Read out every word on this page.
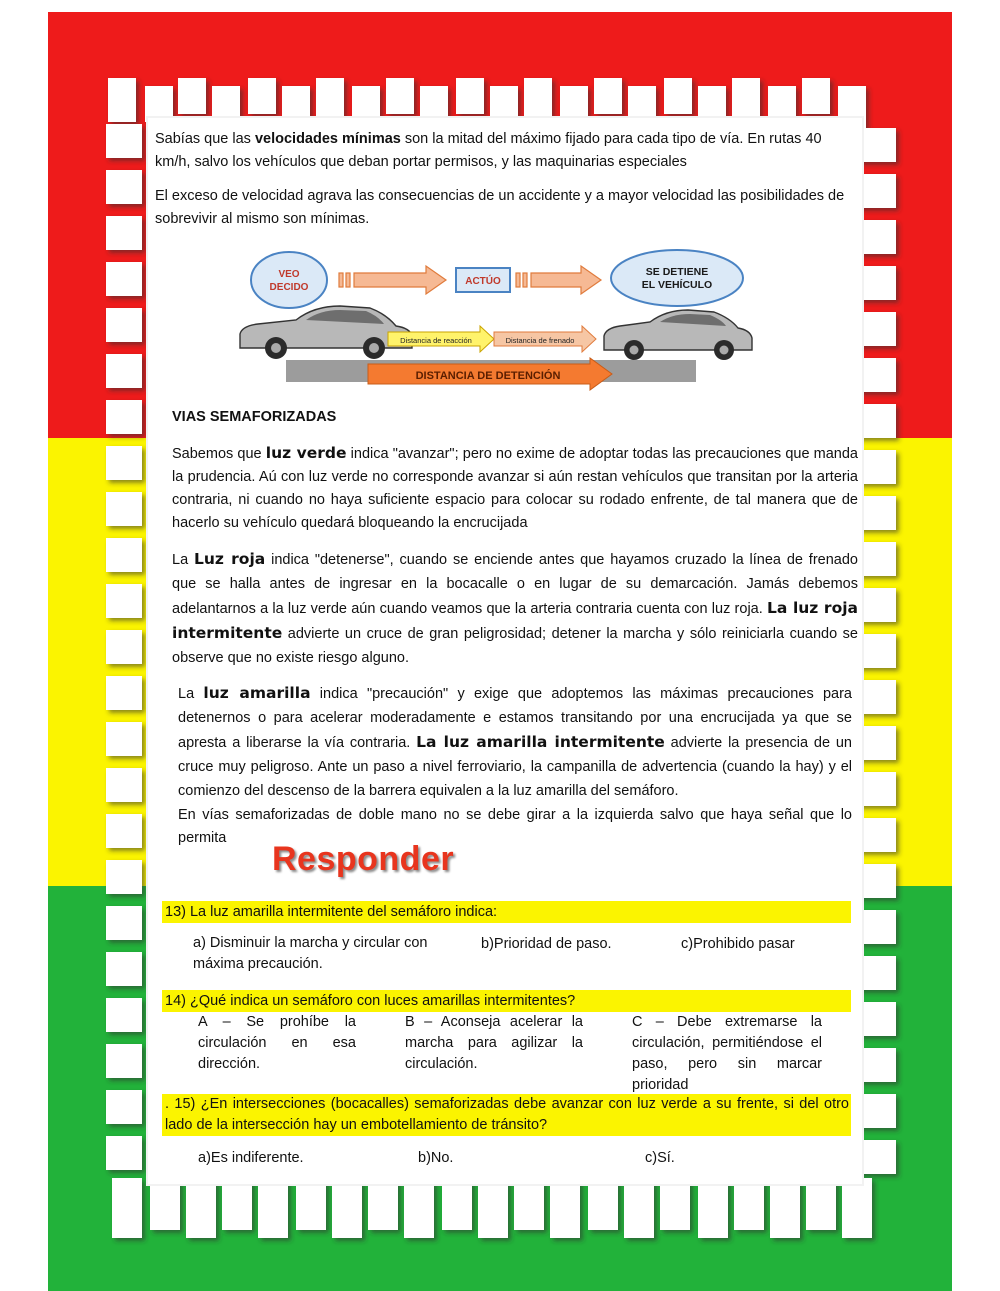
Sabías que las velocidades mínimas son la mitad del máximo fijado para cada tipo de vía. En rutas 40 km/h, salvo los vehículos que deban portar permisos, y las maquinarias especiales
El exceso de velocidad agrava las consecuencias de un accidente y a mayor velocidad las posibilidades de sobrevivir al mismo son mínimas.
VEO
DECIDO
ACTÚO
SE DETIENE
EL VEHÍCULO
Distancia de reacción	Distancia de frenado
DISTANCIA DE DETENCIÓN
VIAS SEMAFORIZADAS
Sabemos que luz verde indica "avanzar"; pero no exime de adoptar todas las precauciones que manda la prudencia. Aú con luz verde no corresponde avanzar si aún restan vehículos que transitan por la arteria contraria, ni cuando no haya suficiente espacio para colocar su rodado enfrente, de tal manera que de hacerlo su vehículo quedará bloqueando la encrucijada
La Luz roja indica "detenerse", cuando se enciende antes que hayamos cruzado la línea de frenado que se halla antes de ingresar en la bocacalle o en lugar de su demarcación. Jamás debemos adelantarnos a la luz verde aún cuando veamos que la arteria contraria cuenta con luz roja. La luz roja intermitente advierte un cruce de gran peligrosidad; detener la marcha y sólo reiniciarla cuando se observe que no existe riesgo alguno.
La luz amarilla indica "precaución" y exige que adoptemos las máximas precauciones para detenernos o para acelerar moderadamente e estamos transitando por una encrucijada ya que se apresta a liberarse la vía contraria. La luz amarilla intermitente advierte la presencia de un cruce muy peligroso. Ante un paso a nivel ferroviario, la campanilla de advertencia (cuando la hay) y el comienzo del descenso de la barrera equivalen a la luz amarilla del semáforo.
En vías semaforizadas de doble mano no se debe girar a la izquierda salvo que haya señal que lo permita
Responder
13) La luz amarilla intermitente del semáforo indica:
a) Disminuir la marcha y circular con máxima precaución.
b)Prioridad de paso.	c)Prohibido pasar
14) ¿Qué indica un semáforo con luces amarillas intermitentes?
A – Se prohíbe la circulación en esa dirección.
B – Aconseja acelerar la marcha para agilizar la circulación.
C – Debe extremarse la circulación, permitiéndose el paso, pero sin marcar prioridad
. 15) ¿En intersecciones (bocacalles) semaforizadas debe avanzar con luz verde a su frente, si del otro lado de la intersección hay un embotellamiento de tránsito?
a)Es indiferente.	b)No.	c)Sí.
